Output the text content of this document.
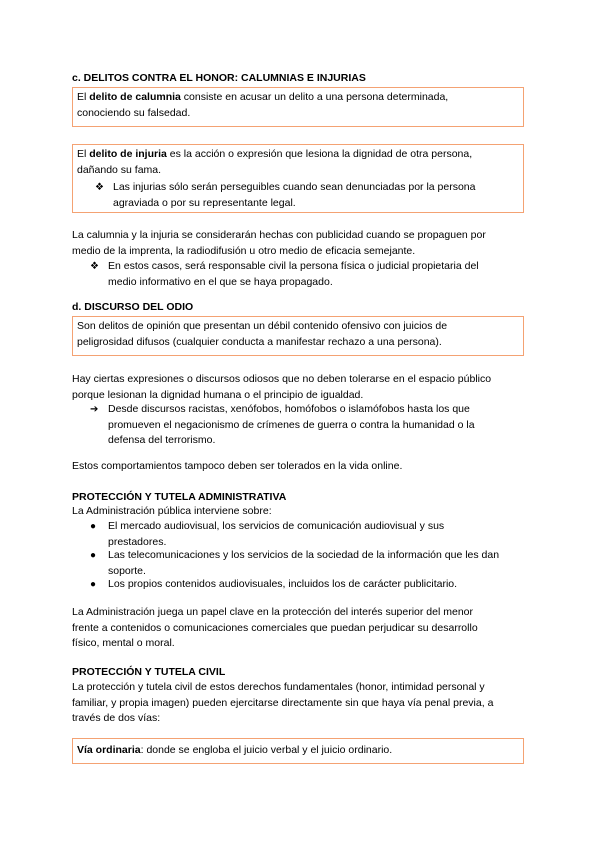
c. DELITOS CONTRA EL HONOR: CALUMNIAS E INJURIAS
El delito de calumnia consiste en acusar un delito a una persona determinada,
conociendo su falsedad.
El delito de injuria es la acción o expresión que lesiona la dignidad de otra persona,
dañando su fama.
❖ Las injurias sólo serán perseguibles cuando sean denunciadas por la persona
agraviada o por su representante legal.
La calumnia y la injuria se considerarán hechas con publicidad cuando se propaguen por
medio de la imprenta, la radiodifusión u otro medio de eficacia semejante.
❖ En estos casos, será responsable civil la persona física o judicial propietaria del
medio informativo en el que se haya propagado.
d. DISCURSO DEL ODIO
Son delitos de opinión que presentan un débil contenido ofensivo con juicios de
peligrosidad difusos (cualquier conducta a manifestar rechazo a una persona).
Hay ciertas expresiones o discursos odiosos que no deben tolerarse en el espacio público
porque lesionan la dignidad humana o el principio de igualdad.
➔ Desde discursos racistas, xenófobos, homófobos o islamófobos hasta los que
promueven el negacionismo de crímenes de guerra o contra la humanidad o la
defensa del terrorismo.
Estos comportamientos tampoco deben ser tolerados en la vida online.
PROTECCIÓN Y TUTELA ADMINISTRATIVA
La Administración pública interviene sobre:
●	El mercado audiovisual, los servicios de comunicación audiovisual y sus
prestadores.
●	Las telecomunicaciones y los servicios de la sociedad de la información que les dan
soporte.
●	Los propios contenidos audiovisuales, incluidos los de carácter publicitario.
La Administración juega un papel clave en la protección del interés superior del menor
frente a contenidos o comunicaciones comerciales que puedan perjudicar su desarrollo
físico, mental o moral.
PROTECCIÓN Y TUTELA CIVIL
La protección y tutela civil de estos derechos fundamentales (honor, intimidad personal y
familiar, y propia imagen) pueden ejercitarse directamente sin que haya vía penal previa, a
través de dos vías:
Vía ordinaria: donde se engloba el juicio verbal y el juicio ordinario.
